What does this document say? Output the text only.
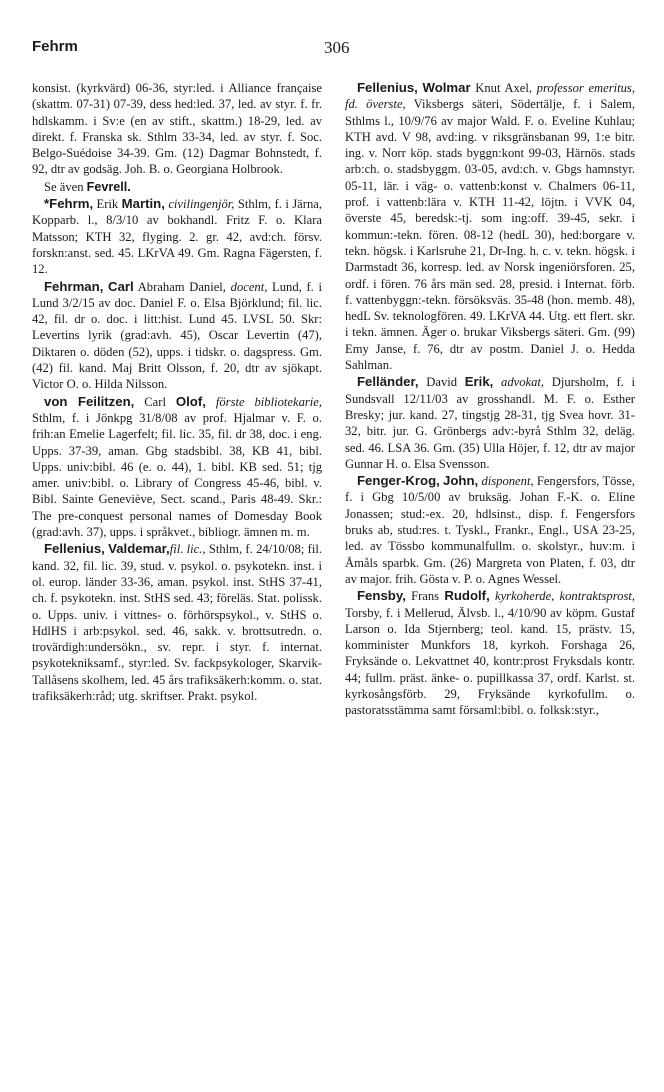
Fehrm	306

konsist. (kyrkvärd) 06-36, styr:led. i Alliance française (skattm. 07-31) 07-39, dess hed:led. 37, led. av styr. f. fr. hdlskamm. i Sv:e (en av stift., skattm.) 18-29, led. av direkt. f. Franska sk. Sthlm 33-34, led. av styr. f. Soc. Belgo-Suédoise 34-39. Gm. (12) Dagmar Bohnstedt, f. 92, dtr av godsäg. Joh. B. o. Georgiana Holbrook.

Se även Fevrell.

*Fehrm, Erik Martin, civilingenjör, Sthlm, f. i Järna, Kopparb. l., 8/3/10 av bokhandl. Fritz F. o. Klara Matsson; KTH 32, flyging. 2. gr. 42, avd:ch. försv. forskn:anst. sed. 45. LKrVA 49. Gm. Ragna Fägersten, f. 12.

Fehrman, Carl Abraham Daniel, docent, Lund, f. i Lund 3/2/15 av doc. Daniel F. o. Elsa Björklund; fil. lic. 42, fil. dr o. doc. i litt:hist. Lund 45. LVSL 50. Skr: Levertins lyrik (grad:avh. 45), Oscar Levertin (47), Diktaren o. döden (52), upps. i tidskr. o. dagspress. Gm. (42) fil. kand. Maj Britt Olsson, f. 20, dtr av sjökapt. Victor O. o. Hilda Nilsson.

von Feilitzen, Carl Olof, förste bibliotekarie, Sthlm, f. i Jönkpg 31/8/08 av prof. Hjalmar v. F. o. frih:an Emelie Lagerfelt; fil. lic. 35, fil. dr 38, doc. i eng. Upps. 37-39, aman. Gbg stadsbibl. 38, KB 41, bibl. Upps. univ:bibl. 46 (e. o. 44), 1. bibl. KB sed. 51; tjg amer. univ:bibl. o. Library of Congress 45-46, bibl. v. Bibl. Sainte Geneviève, Sect. scand., Paris 48-49. Skr.: The pre-conquest personal names of Domesday Book (grad:avh. 37), upps. i språkvet., bibliogr. ämnen m. m.

Fellenius, Valdemar,fil. lic., Sthlm, f. 24/10/08; fil. kand. 32, fil. lic. 39, stud. v. psykol. o. psykotekn. inst. i ol. europ. länder 33-36, aman. psykol. inst. StHS 37-41, ch. f. psykotekn. inst. StHS sed. 43; föreläs. Stat. polissk. o. Upps. univ. i vittnes- o. förhörspsykol., v. StHS o. HdlHS i arb:psykol. sed. 46, sakk. v. brottsutredn. o. trovärdigh:undersökn., sv. repr. i styr. f. internat. psykotekniksamf., styr:led. Sv. fackpsykologer, Skarvik-Tallåsens skolhem, led. 45 års trafiksäkerh:komm. o. stat. trafiksäkerh:råd; utg. skriftser. Prakt. psykol.

Fellenius, Wolmar Knut Axel, professor emeritus, fd. överste, Viksbergs säteri, Södertälje, f. i Salem, Sthlms l., 10/9/76 av major Wald. F. o. Eveline Kuhlau; KTH avd. V 98, avd:ing. v riksgränsbanan 99, 1:e bitr. ing. v. Norr köp. stads byggn:kont 99-03, Härnös. stads arb:ch. o. stadsbyggm. 03-05, avd:ch. v. Gbgs hamnstyr. 05-11, lär. i väg- o. vattenb:konst v. Chalmers 06-11, prof. i vattenb:lära v. KTH 11-42, löjtn. i VVK 04, överste 45, beredsk:-tj. som ing:off. 39-45, sekr. i kommun:-tekn. fören. 08-12 (hedL 30), hed:borgare v. tekn. högsk. i Karlsruhe 21, Dr-Ing. h. c. v. tekn. högsk. i Darmstadt 36, korresp. led. av Norsk ingeniörsforen. 25, ordf. i fören. 76 års män sed. 28, presid. i Internat. förb. f. vattenbyggn:-tekn. försöksväs. 35-48 (hon. memb. 48), hedL Sv. teknologfören. 49. LKrVA 44. Utg. ett flert. skr. i tekn. ämnen. Äger o. brukar Viksbergs säteri. Gm. (99) Emy Janse, f. 76, dtr av postm. Daniel J. o. Hedda Sahlman.

Felländer, David Erik, advokat, Djursholm, f. i Sundsvall 12/11/03 av grosshandl. M. F. o. Esther Bresky; jur. kand. 27, tingstjg 28-31, tjg Svea hovr. 31-32, bitr. jur. G. Grönbergs adv:-byrå Sthlm 32, deläg. sed. 46. LSA 36. Gm. (35) Ulla Höjer, f. 12, dtr av major Gunnar H. o. Elsa Svensson.

Fenger-Krog, John, disponent, Fengersfors, Tösse, f. i Gbg 10/5/00 av bruksäg. Johan F.-K. o. Eline Jonassen; stud:-ex. 20, hdlsinst., disp. f. Fengersfors bruks ab, stud:res. t. Tyskl., Frankr., Engl., USA 23-25, led. av Tössbo kommunalfullm. o. skolstyr., huv:m. i Åmåls sparbk. Gm. (26) Margreta von Platen, f. 03, dtr av major. frih. Gösta v. P. o. Agnes Wessel.

Fensby, Frans Rudolf, kyrkoherde, kontraktsprost, Torsby, f. i Mellerud, Älvsb. l., 4/10/90 av köpm. Gustaf Larson o. Ida Stjernberg; teol. kand. 15, prästv. 15, komminister Munkfors 18, kyrkoh. Forshaga 26, Fryksände o. Lekvattnet 40, kontr:prost Fryksdals kontr. 44; fullm. präst. änke- o. pupillkassa 37, ordf. Karlst. st. kyrkosångsförb. 29, Fryksände kyrkofullm. o. pastoratsstämma samt församl:bibl. o. folksk:styr.,
